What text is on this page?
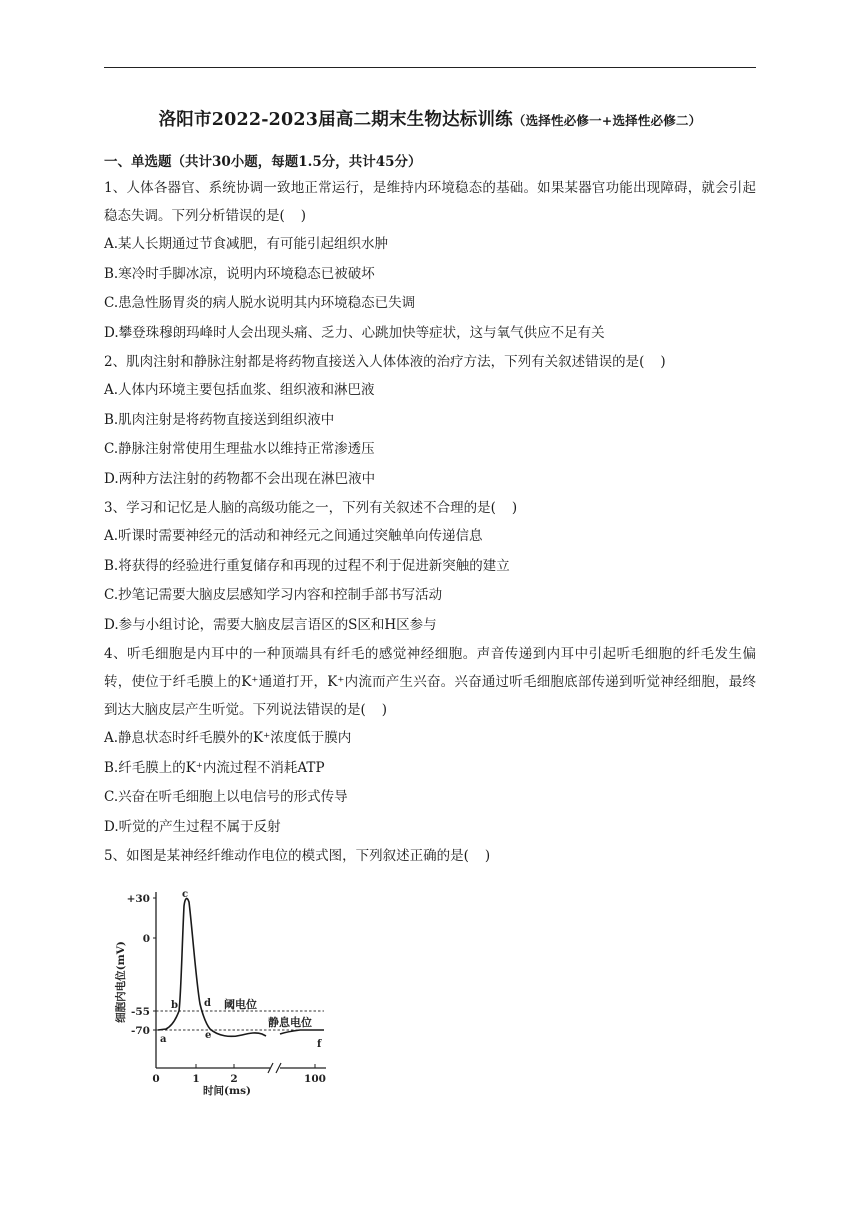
洛阳市2022-2023届高二期末生物达标训练（选择性必修一+选择性必修二）
一、单选题（共计30小题，每题1.5分，共计45分）

1、人体各器官、系统协调一致地正常运行，是维持内环境稳态的基础。如果某器官功能出现障碍，就会引起稳态失调。下列分析错误的是( )

A.某人长期通过节食减肥，有可能引起组织水肿

B.寒冷时手脚冰凉，说明内环境稳态已被破坏

C.患急性肠胃炎的病人脱水说明其内环境稳态已失调

D.攀登珠穆朗玛峰时人会出现头痛、乏力、心跳加快等症状，这与氧气供应不足有关

2、肌肉注射和静脉注射都是将药物直接送入人体体液的治疗方法，下列有关叙述错误的是( )

A.人体内环境主要包括血浆、组织液和淋巴液

B.肌肉注射是将药物直接送到组织液中

C.静脉注射常使用生理盐水以维持正常渗透压

D.两种方法注射的药物都不会出现在淋巴液中

3、学习和记忆是人脑的高级功能之一，下列有关叙述不合理的是( )

A.听课时需要神经元的活动和神经元之间通过突触单向传递信息

B.将获得的经验进行重复储存和再现的过程不利于促进新突触的建立

C.抄笔记需要大脑皮层感知学习内容和控制手部书写活动

D.参与小组讨论，需要大脑皮层言语区的S区和H区参与

4、听毛细胞是内耳中的一种顶端具有纤毛的感觉神经细胞。声音传递到内耳中引起听毛细胞的纤毛发生偏转，使位于纤毛膜上的K⁺通道打开，K⁺内流而产生兴奋。兴奋通过听毛细胞底部传递到听觉神经细胞，最终到达大脑皮层产生听觉。下列说法错误的是( )

A.静息状态时纤毛膜外的K⁺浓度低于膜内

B.纤毛膜上的K⁺内流过程不消耗ATP

C.兴奋在听毛细胞上以电信号的形式传导

D.听觉的产生过程不属于反射

5、如图是某神经纤维动作电位的模式图，下列叙述正确的是( )

细胞内电位(mV)
+30
0
-55
-70
0	1	2	100
时间(ms)
阈电位
静息电位
a
b
c
d
e
f
